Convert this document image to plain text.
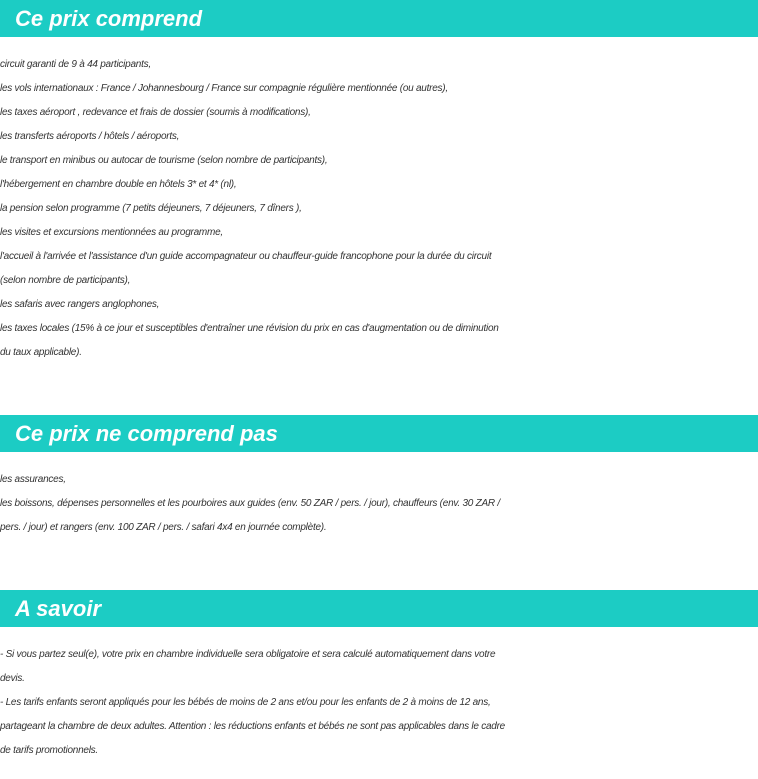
Ce prix comprend
circuit garanti de 9 à 44 participants,
les vols internationaux : France / Johannesbourg / France sur compagnie régulière mentionnée (ou autres),
les taxes aéroport , redevance et frais de dossier (soumis à modifications),
les transferts aéroports / hôtels / aéroports,
le transport en minibus ou autocar de tourisme (selon nombre de participants),
l'hébergement en chambre double en hôtels 3* et 4* (nl),
la pension selon programme (7 petits déjeuners, 7 déjeuners, 7 dîners ),
les visites et excursions mentionnées au programme,
l'accueil à l'arrivée et l'assistance d'un guide accompagnateur ou chauffeur-guide francophone pour la durée du circuit
(selon nombre de participants),
les safaris avec rangers anglophones,
les taxes locales (15% à ce jour et susceptibles d'entraîner une révision du prix en cas d'augmentation ou de diminution
du taux applicable).
Ce prix ne comprend pas
les assurances,
les boissons, dépenses personnelles et les pourboires aux guides (env. 50 ZAR / pers. / jour), chauffeurs (env. 30 ZAR /
pers. / jour) et rangers (env. 100 ZAR / pers. / safari 4x4 en journée complète).
A savoir
- Si vous partez seul(e), votre prix en chambre individuelle sera obligatoire et sera calculé automatiquement dans votre
devis.
- Les tarifs enfants seront appliqués pour les bébés de moins de 2 ans et/ou pour les enfants de 2 à moins de 12 ans,
partageant la chambre de deux adultes. Attention : les réductions enfants et bébés ne sont pas applicables dans le cadre
de tarifs promotionnels.
